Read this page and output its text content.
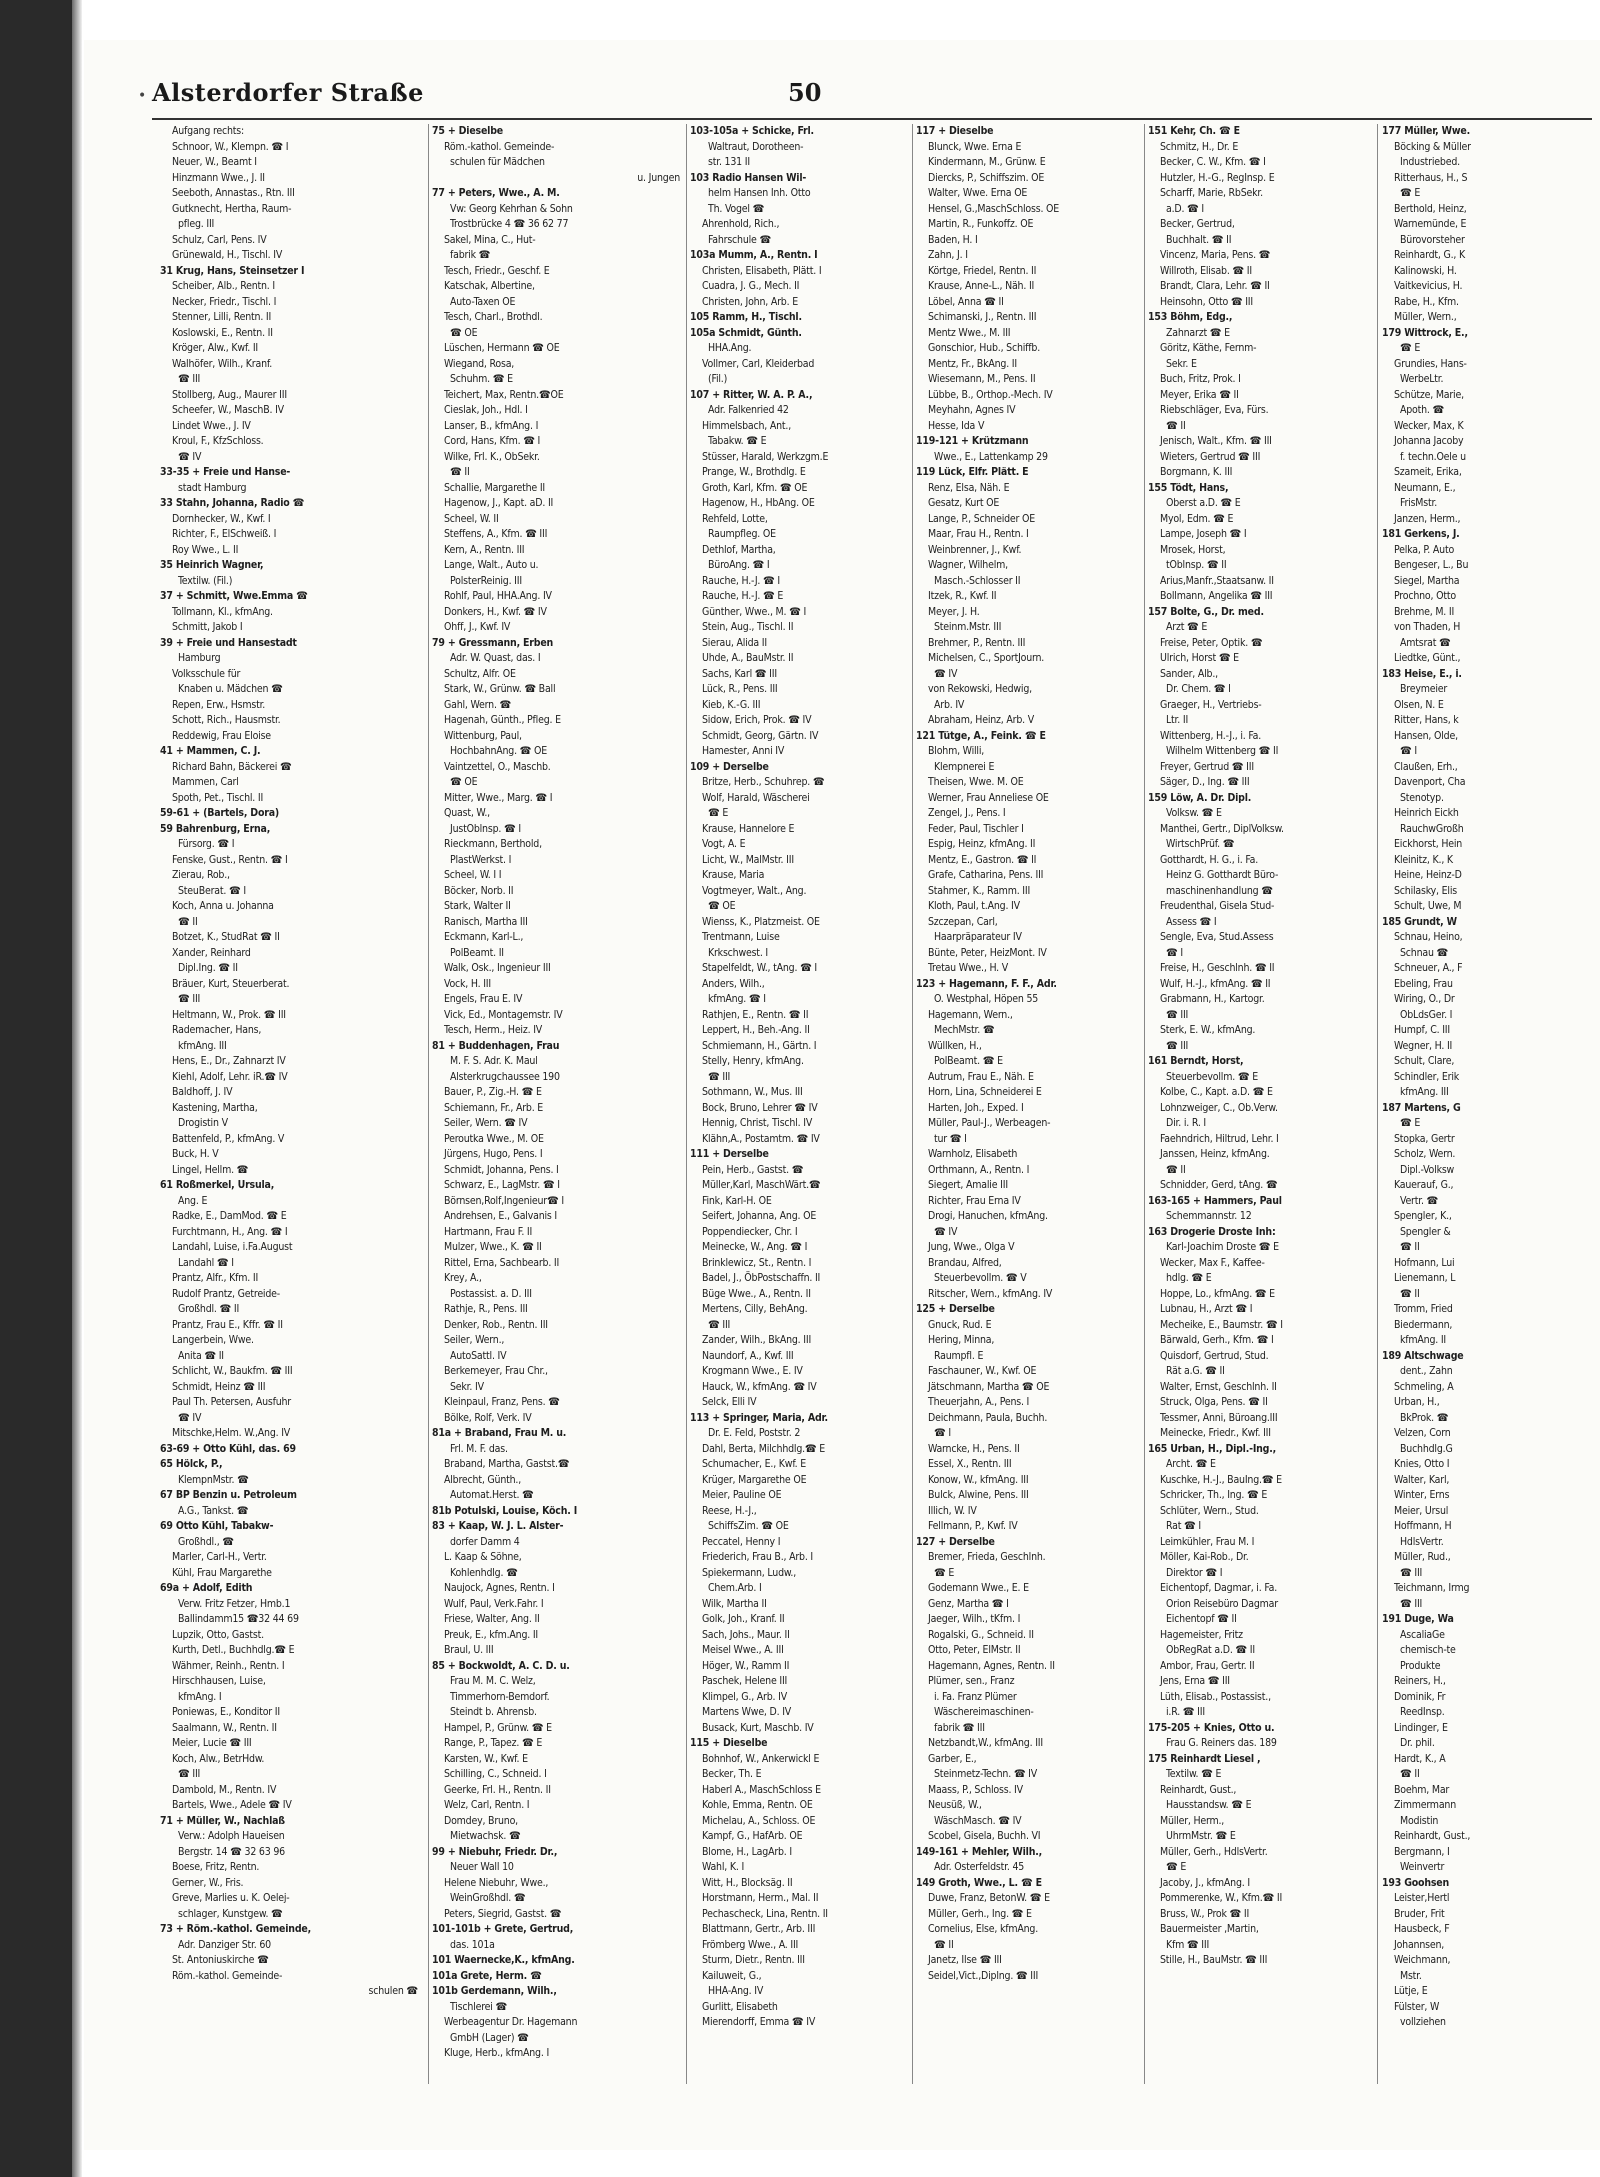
• Alsterdorfer Straße	50
Aufgang rechts:
Schnoor, W., Klempn. ☎ I
Neuer, W., Beamt I
Hinzmann Wwe., J. II
Seeboth, Annastas., Rtn. III
Gutknecht, Hertha, Raum-
pfleg. III
Schulz, Carl, Pens. IV
Grünewald, H., Tischl. IV
31 Krug, Hans, Steinsetzer I
Scheiber, Alb., Rentn. I
Necker, Friedr., Tischl. I
Stenner, Lilli, Rentn. II
Koslowski, E., Rentn. II
Kröger, Alw., Kwf. II
Walhöfer, Wilh., Kranf.
☎ III
Stollberg, Aug., Maurer III
Scheefer, W., MaschB. IV
Lindet Wwe., J. IV
Kroul, F., KfzSchloss.
☎ IV
33-35 + Freie und Hanse-
stadt Hamburg
33 Stahn, Johanna, Radio ☎
Dornhecker, W., Kwf. I
Richter, F., ElSchweiß. I
Roy Wwe., L. II
35 Heinrich Wagner,
Textilw. (Fil.)
37 + Schmitt, Wwe.Emma ☎
Tollmann, Kl., kfmAng.
Schmitt, Jakob I
39 + Freie und Hansestadt
Hamburg
Volksschule für
Knaben u. Mädchen ☎
Repen, Erw., Hsmstr.
Schott, Rich., Hausmstr.
Reddewig, Frau Eloise
41 + Mammen, C. J.
Richard Bahn, Bäckerei ☎
Mammen, Carl
Spoth, Pet., Tischl. II
59-61 + (Bartels, Dora)
59 Bahrenburg, Erna,
Fürsorg. ☎ I
Fenske, Gust., Rentn. ☎ I
Zierau, Rob.,
SteuBerat. ☎ I
Koch, Anna u. Johanna
☎ II
Botzet, K., StudRat ☎ II
Xander, Reinhard
Dipl.Ing. ☎ II
Bräuer, Kurt, Steuerberat.
☎ III
Heltmann, W., Prok. ☎ III
Rademacher, Hans,
kfmAng. III
Hens, E., Dr., Zahnarzt IV
Kiehl, Adolf, Lehr. iR.☎ IV
Baldhoff, J. IV
Kastening, Martha,
Drogistin V
Battenfeld, P., kfmAng. V
Buck, H. V
Lingel, Hellm. ☎
61 Roßmerkel, Ursula,
Ang. E
Radke, E., DamMod. ☎ E
Furchtmann, H., Ang. ☎ I
Landahl, Luise, i.Fa.August
Landahl ☎ I
Prantz, Alfr., Kfm. II
Rudolf Prantz, Getreide-
Großhdl. ☎ II
Prantz, Frau E., Kffr. ☎ II
Langerbein, Wwe.
Anita ☎ II
Schlicht, W., Baukfm. ☎ III
Schmidt, Heinz ☎ III
Paul Th. Petersen, Ausfuhr
☎ IV
Mitschke,Helm. W.,Ang. IV
63-69 + Otto Kühl, das. 69
65 Hölck, P.,
KlempnMstr. ☎
67 BP Benzin u. Petroleum
A.G., Tankst. ☎
69 Otto Kühl, Tabakw-
Großhdl., ☎
Marler, Carl-H., Vertr.
Kühl, Frau Margarethe
69a + Adolf, Edith
Verw. Fritz Fetzer, Hmb.1
Ballindamm15 ☎32 44 69
Lupzik, Otto, Gastst.
Kurth, Detl., Buchhdlg.☎ E
Wähmer, Reinh., Rentn. I
Hirschhausen, Luise,
kfmAng. I
Poniewas, E., Konditor II
Saalmann, W., Rentn. II
Meier, Lucie ☎ III
Koch, Alw., BetrHdw.
☎ III
Dambold, M., Rentn. IV
Bartels, Wwe., Adele ☎ IV
71 + Müller, W., Nachlaß
Verw.: Adolph Haueisen
Bergstr. 14 ☎ 32 63 96
Boese, Fritz, Rentn.
Gerner, W., Fris.
Greve, Marlies u. K. Oelej-
schlager, Kunstgew. ☎
73 + Röm.-kathol. Gemeinde,
Adr. Danziger Str. 60
St. Antoniuskirche ☎
Röm.-kathol. Gemeinde-
schulen ☎
75 + Dieselbe
Röm.-kathol. Gemeinde-
schulen für Mädchen
u. Jungen
77 + Peters, Wwe., A. M.
Vw: Georg Kehrhan & Sohn
Trostbrücke 4 ☎ 36 62 77
Sakel, Mina, C., Hut-
fabrik ☎
Tesch, Friedr., Geschf. E
Katschak, Albertine,
Auto-Taxen OE
Tesch, Charl., Brothdl.
☎ OE
Lüschen, Hermann ☎ OE
Wiegand, Rosa,
Schuhm. ☎ E
Teichert, Max, Rentn.☎OE
Cieslak, Joh., Hdl. I
Lanser, B., kfmAng. I
Cord, Hans, Kfm. ☎ I
Wilke, Frl. K., ObSekr.
☎ II
Schallie, Margarethe II
Hagenow, J., Kapt. aD. II
Scheel, W. II
Steffens, A., Kfm. ☎ III
Kern, A., Rentn. III
Lange, Walt., Auto u.
PolsterReinig. III
Rohlf, Paul, HHA.Ang. IV
Donkers, H., Kwf. ☎ IV
Ohff, J., Kwf. IV
79 + Gressmann, Erben
Adr. W. Quast, das. I
Schultz, Alfr. OE
Stark, W., Grünw. ☎ Ball
Gahl, Wern. ☎
Hagenah, Günth., Pfleg. E
Wittenburg, Paul,
HochbahnAng. ☎ OE
Vaintzettel, O., Maschb.
☎ OE
Mitter, Wwe., Marg. ☎ I
Quast, W.,
JustOblnsp. ☎ I
Rieckmann, Berthold,
PlastWerkst. I
Scheel, W. I I
Böcker, Norb. II
Stark, Walter II
Ranisch, Martha III
Eckmann, Karl-L.,
PolBeamt. II
Walk, Osk., Ingenieur III
Vock, H. III
Engels, Frau E. IV
Vick, Ed., Montagemstr. IV
Tesch, Herm., Heiz. IV
81 + Buddenhagen, Frau
M. F. S. Adr. K. Maul
Alsterkrugchaussee 190
Bauer, P., Zig.-H. ☎ E
Schiemann, Fr., Arb. E
Seiler, Wern. ☎ IV
Peroutka Wwe., M. OE
Jürgens, Hugo, Pens. I
Schmidt, Johanna, Pens. I
Schwarz, E., LagMstr. ☎ I
Börnsen,Rolf,Ingenieur☎ I
Andrehsen, E., Galvanis I
Hartmann, Frau F. II
Mulzer, Wwe., K. ☎ II
Rittel, Erna, Sachbearb. II
Krey, A.,
Postassist. a. D. III
Rathje, R., Pens. III
Denker, Rob., Rentn. III
Seiler, Wern.,
AutoSattl. IV
Berkemeyer, Frau Chr.,
Sekr. IV
Kleinpaul, Franz, Pens. ☎
Bölke, Rolf, Verk. IV
81a + Braband, Frau M. u.
Frl. M. F. das.
Braband, Martha, Gastst.☎
Albrecht, Günth.,
Automat.Herst. ☎
81b Potulski, Louise, Köch. I
83 + Kaap, W. J. L. Alster-
dorfer Damm 4
L. Kaap & Söhne,
Kohlenhdlg. ☎
Naujock, Agnes, Rentn. I
Wulf, Paul, Verk.Fahr. I
Friese, Walter, Ang. II
Preuk, E., kfm.Ang. II
Braul, U. III
85 + Bockwoldt, A. C. D. u.
Frau M. M. C. Welz,
Timmerhorn-Bemdorf.
Steindt b. Ahrensb.
Hampel, P., Grünw. ☎ E
Range, P., Tapez. ☎ E
Karsten, W., Kwf. E
Schilling, C., Schneid. I
Geerke, Frl. H., Rentn. II
Welz, Carl, Rentn. I
Domdey, Bruno,
Mietwachsk. ☎
99 + Niebuhr, Friedr. Dr.,
Neuer Wall 10
Helene Niebuhr, Wwe.,
WeinGroßhdl. ☎
Peters, Siegrid, Gastst. ☎
101-101b + Grete, Gertrud,
das. 101a
101 Waernecke,K., kfmAng.
101a Grete, Herm. ☎
101b Gerdemann, Wilh.,
Tischlerei ☎
Werbeagentur Dr. Hagemann
GmbH (Lager) ☎
Kluge, Herb., kfmAng. I
103-105a + Schicke, Frl.
Waltraut, Dorotheen-
str. 131 II
103 Radio Hansen Wil-
helm Hansen Inh. Otto
Th. Vogel ☎
Ahrenhold, Rich.,
Fahrschule ☎
103a Mumm, A., Rentn. I
Christen, Elisabeth, Plätt. I
Cuadra, J. G., Mech. II
Christen, John, Arb. E
105 Ramm, H., Tischl.
105a Schmidt, Günth.
HHA.Ang.
Vollmer, Carl, Kleiderbad
(Fil.)
107 + Ritter, W. A. P. A.,
Adr. Falkenried 42
Himmelsbach, Ant.,
Tabakw. ☎ E
Stüsser, Harald, Werkzgm.E
Prange, W., Brothdlg. E
Groth, Karl, Kfm. ☎ OE
Hagenow, H., HbAng. OE
Rehfeld, Lotte,
Raumpfleg. OE
Dethlof, Martha,
BüroAng. ☎ I
Rauche, H.-J. ☎ I
Rauche, H.-J. ☎ E
Günther, Wwe., M. ☎ I
Stein, Aug., Tischl. II
Sierau, Alida II
Uhde, A., BauMstr. II
Sachs, Karl ☎ III
Lück, R., Pens. III
Kieb, K.-G. III
Sidow, Erich, Prok. ☎ IV
Schmidt, Georg, Gärtn. IV
Hamester, Anni IV
109 + Derselbe
Britze, Herb., Schuhrep. ☎
Wolf, Harald, Wäscherei
☎ E
Krause, Hannelore E
Vogt, A. E
Licht, W., MalMstr. III
Krause, Maria
Vogtmeyer, Walt., Ang.
☎ OE
Wienss, K., Platzmeist. OE
Trentmann, Luise
Krkschwest. I
Stapelfeldt, W., tAng. ☎ I
Anders, Wilh.,
kfmAng. ☎ I
Rathjen, E., Rentn. ☎ II
Leppert, H., Beh.-Ang. II
Schmiemann, H., Gärtn. I
Stelly, Henry, kfmAng.
☎ III
Sothmann, W., Mus. III
Bock, Bruno, Lehrer ☎ IV
Hennig, Christ, Tischl. IV
Klähn,A., Postamtm. ☎ IV
111 + Derselbe
Pein, Herb., Gastst. ☎
Müller,Karl, MaschWärt.☎
Fink, Karl-H. OE
Seifert, Johanna, Ang. OE
Poppendiecker, Chr. I
Meinecke, W., Ang. ☎ I
Brinklewicz, St., Rentn. I
Badel, J., ÖbPostschaffn. II
Büge Wwe., A., Rentn. II
Mertens, Cilly, BehAng.
☎ III
Zander, Wilh., BkAng. III
Naundorf, A., Kwf. III
Krogmann Wwe., E. IV
Hauck, W., kfmAng. ☎ IV
Selck, Elli IV
113 + Springer, Maria, Adr.
Dr. E. Feld, Poststr. 2
Dahl, Berta, Milchhdlg.☎ E
Schumacher, E., Kwf. E
Krüger, Margarethe OE
Meier, Pauline OE
Reese, H.-J.,
SchiffsZim. ☎ OE
Peccatel, Henny I
Friederich, Frau B., Arb. I
Spiekermann, Ludw.,
Chem.Arb. I
Wilk, Martha II
Golk, Joh., Kranf. II
Sach, Johs., Maur. II
Meisel Wwe., A. III
Höger, W., Ramm II
Paschek, Helene III
Klimpel, G., Arb. IV
Martens Wwe, D. IV
Busack, Kurt, Maschb. IV
115 + Dieselbe
Bohnhof, W., Ankerwickl E
Becker, Th. E
Haberl A., MaschSchloss E
Kohle, Emma, Rentn. OE
Michelau, A., Schloss. OE
Kampf, G., HafArb. OE
Blome, H., LagArb. I
Wahl, K. I
Witt, H., Blocksäg. II
Horstmann, Herm., Mal. II
Pechascheck, Lina, Rentn. II
Blattmann, Gertr., Arb. III
Frömberg Wwe., A. III
Sturm, Dietr., Rentn. III
Kailuweit, G.,
HHA-Ang. IV
Gurlitt, Elisabeth
Mierendorff, Emma ☎ IV
117 + Dieselbe
Blunck, Wwe. Erna E
Kindermann, M., Grünw. E
Diercks, P., Schiffszim. OE
Walter, Wwe. Erna OE
Hensel, G.,MaschSchloss. OE
Martin, R., Funkoffz. OE
Baden, H. I
Zahn, J. I
Körtge, Friedel, Rentn. II
Krause, Anne-L., Näh. II
Löbel, Anna ☎ II
Schimanski, J., Rentn. III
Mentz Wwe., M. III
Gonschior, Hub., Schiffb.
Mentz, Fr., BkAng. II
Wiesemann, M., Pens. II
Lübbe, B., Orthop.-Mech. IV
Meyhahn, Agnes IV
Hesse, Ida V
119-121 + Krützmann
Wwe., E., Lattenkamp 29
119 Lück, Elfr. Plätt. E
Renz, Elsa, Näh. E
Gesatz, Kurt OE
Lange, P., Schneider OE
Maar, Frau H., Rentn. I
Weinbrenner, J., Kwf.
Wagner, Wilhelm,
Masch.-Schlosser II
Itzek, R., Kwf. II
Meyer, J. H.
Steinm.Mstr. III
Brehmer, P., Rentn. III
Michelsen, C., SportJourn.
☎ IV
von Rekowski, Hedwig,
Arb. IV
Abraham, Heinz, Arb. V
121 Tütge, A., Feink. ☎ E
Blohm, Willi,
Klempnerei E
Theisen, Wwe. M. OE
Werner, Frau Anneliese OE
Zengel, J., Pens. I
Feder, Paul, Tischler I
Espig, Heinz, kfmAng. II
Mentz, E., Gastron. ☎ II
Grafe, Catharina, Pens. III
Stahmer, K., Ramm. III
Kloth, Paul, t.Ang. IV
Szczepan, Carl,
Haarpräparateur IV
Bünte, Peter, HeizMont. IV
Tretau Wwe., H. V
123 + Hagemann, F. F., Adr.
O. Westphal, Höpen 55
Hagemann, Wern.,
MechMstr. ☎
Wüllken, H.,
PolBeamt. ☎ E
Autrum, Frau E., Näh. E
Horn, Lina, Schneiderei E
Harten, Joh., Exped. I
Müller, Paul-J., Werbeagen-
tur ☎ I
Warnholz, Elisabeth
Orthmann, A., Rentn. I
Siegert, Amalie III
Richter, Frau Erna IV
Drogi, Hanuchen, kfmAng.
☎ IV
Jung, Wwe., Olga V
Brandau, Alfred,
Steuerbevollm. ☎ V
Ritscher, Wern., kfmAng. IV
125 + Derselbe
Gnuck, Rud. E
Hering, Minna,
Raumpfl. E
Faschauner, W., Kwf. OE
Jätschmann, Martha ☎ OE
Theuerjahn, A., Pens. I
Deichmann, Paula, Buchh.
☎ I
Warncke, H., Pens. II
Essel, X., Rentn. III
Konow, W., kfmAng. III
Bulck, Alwine, Pens. III
Illich, W. IV
Fellmann, P., Kwf. IV
127 + Derselbe
Bremer, Frieda, Geschlnh.
☎ E
Godemann Wwe., E. E
Genz, Martha ☎ I
Jaeger, Wilh., tKfm. I
Rogalski, G., Schneid. II
Otto, Peter, ElMstr. II
Hagemann, Agnes, Rentn. II
Plümer, sen., Franz
i. Fa. Franz Plümer
Wäschereimaschinen-
fabrik ☎ III
Netzbandt,W., kfmAng. III
Garber, E.,
Steinmetz-Techn. ☎ IV
Maass, P., Schloss. IV
Neusüß, W.,
WäschMasch. ☎ IV
Scobel, Gisela, Buchh. VI
149-161 + Mehler, Wilh.,
Adr. Osterfeldstr. 45
149 Groth, Wwe., L. ☎ E
Duwe, Franz, BetonW. ☎ E
Müller, Gerh., Ing. ☎ E
Cornelius, Else, kfmAng.
☎ II
Janetz, Ilse ☎ III
Seidel,Vict.,Diplng. ☎ III
151 Kehr, Ch. ☎ E
Schmitz, H., Dr. E
Becker, C. W., Kfm. ☎ I
Hutzler, H.-G., RegInsp. E
Scharff, Marie, RbSekr.
a.D. ☎ I
Becker, Gertrud,
Buchhalt. ☎ II
Vincenz, Maria, Pens. ☎
Willroth, Elisab. ☎ II
Brandt, Clara, Lehr. ☎ II
Heinsohn, Otto ☎ III
153 Böhm, Edg.,
Zahnarzt ☎ E
Göritz, Käthe, Fernm-
Sekr. E
Buch, Fritz, Prok. I
Meyer, Erika ☎ II
Riebschläger, Eva, Fürs.
☎ II
Jenisch, Walt., Kfm. ☎ III
Wieters, Gertrud ☎ III
Borgmann, K. III
155 Tödt, Hans,
Oberst a.D. ☎ E
Myol, Edm. ☎ E
Lampe, Joseph ☎ I
Mrosek, Horst,
tOblnsp. ☎ II
Arius,Manfr.,Staatsanw. II
Bollmann, Angelika ☎ III
157 Bolte, G., Dr. med.
Arzt ☎ E
Freise, Peter, Optik. ☎
Ulrich, Horst ☎ E
Sander, Alb.,
Dr. Chem. ☎ I
Graeger, H., Vertriebs-
Ltr. II
Wittenberg, H.-J., i. Fa.
Wilhelm Wittenberg ☎ II
Freyer, Gertrud ☎ III
Säger, D., Ing. ☎ III
159 Löw, A. Dr. Dipl.
Volksw. ☎ E
Manthei, Gertr., DiplVolksw.
WirtschPrüf. ☎
Gotthardt, H. G., i. Fa.
Heinz G. Gotthardt Büro-
maschinenhandlung ☎
Freudenthal, Gisela Stud-
Assess ☎ I
Sengle, Eva, Stud.Assess
☎ I
Freise, H., Geschlnh. ☎ II
Wulf, H.-J., kfmAng. ☎ II
Grabmann, H., Kartogr.
☎ III
Sterk, E. W., kfmAng.
☎ III
161 Berndt, Horst,
Steuerbevollm. ☎ E
Kolbe, C., Kapt. a.D. ☎ E
Lohnzweiger, C., Ob.Verw.
Dir. i. R. I
Faehndrich, Hiltrud, Lehr. I
Janssen, Heinz, kfmAng.
☎ II
Schnidder, Gerd, tAng. ☎
163-165 + Hammers, Paul
Schemmannstr. 12
163 Drogerie Droste Inh:
Karl-Joachim Droste ☎ E
Wecker, Max F., Kaffee-
hdlg. ☎ E
Hoppe, Lo., kfmAng. ☎ E
Lubnau, H., Arzt ☎ I
Mecheike, E., Baumstr. ☎ I
Bärwald, Gerh., Kfm. ☎ I
Quisdorf, Gertrud, Stud.
Rät a.G. ☎ II
Walter, Ernst, Geschlnh. II
Struck, Olga, Pens. ☎ II
Tessmer, Anni, Büroang.III
Meinecke, Friedr., Kwf. III
165 Urban, H., Dipl.-Ing.,
Archt. ☎ E
Kuschke, H.-J., BauIng.☎ E
Schricker, Th., Ing. ☎ E
Schlüter, Wern., Stud.
Rat ☎ I
Leimkühler, Frau M. I
Möller, Kai-Rob., Dr.
Direktor ☎ I
Eichentopf, Dagmar, i. Fa.
Orion Reisebüro Dagmar
Eichentopf ☎ II
Hagemeister, Fritz
ObRegRat a.D. ☎ II
Ambor, Frau, Gertr. II
Jens, Erna ☎ III
Lüth, Elisab., Postassist.,
i.R. ☎ III
175-205 + Knies, Otto u.
Frau G. Reiners das. 189
175 Reinhardt Liesel ,
Textilw. ☎ E
Reinhardt, Gust.,
Hausstandsw. ☎ E
Müller, Herm.,
UhrmMstr. ☎ E
Müller, Gerh., HdlsVertr.
☎ E
Jacoby, J., kfmAng. I
Pommerenke, W., Kfm.☎ II
Bruss, W., Prok ☎ II
Bauermeister ,Martin,
Kfm ☎ III
Stille, H., BauMstr. ☎ III
177 Müller, Wwe.
Böcking & Müller
Industriebed.
Ritterhaus, H., S
☎ E
Berthold, Heinz,
Warnemünde, E
Bürovorsteher
Reinhardt, G., K
Kalinowski, H.
Vaitkevicius, H.
Rabe, H., Kfm.
Müller, Wern.,
179 Wittrock, E.,
☎ E
Grundies, Hans-
WerbeLtr.
Schütze, Marie,
Apoth. ☎
Wecker, Max, K
Johanna Jacoby
f. techn.Oele u
Szameit, Erika,
Neumann, E.,
FrisMstr.
Janzen, Herm.,
181 Gerkens, J.
Pelka, P. Auto
Bengeser, L., Bu
Siegel, Martha
Prochno, Otto
Brehme, M. II
von Thaden, H
Amtsrat ☎
Liedtke, Günt.,
183 Heise, E., i.
Breymeier
Olsen, N. E
Ritter, Hans, k
Hansen, Olde,
☎ I
Claußen, Erh.,
Davenport, Cha
Stenotyp.
Heinrich Eickh
RauchwGroßh
Eickhorst, Hein
Kleinitz, K., K
Heine, Heinz-D
Schilasky, Elis
Schult, Uwe, M
185 Grundt, W
Schnau, Heino,
Schnau ☎
Schneuer, A., F
Ebeling, Frau
Wiring, O., Dr
ObLdsGer. I
Humpf, C. III
Wegner, H. II
Schult, Clare,
Schindler, Erik
kfmAng. III
187 Martens, G
☎ E
Stopka, Gertr
Scholz, Wern.
Dipl.-Volksw
Kauerauf, G.,
Vertr. ☎
Spengler, K.,
Spengler &
☎ II
Hofmann, Lui
Lienemann, L
☎ II
Tromm, Fried
Biedermann,
kfmAng. II
189 Altschwage
dent., Zahn
Schmeling, A
Urban, H.,
BkProk. ☎
Velzen, Corn
Buchhdlg.G
Knies, Otto I
Walter, Karl,
Winter, Erns
Meier, Ursul
Hoffmann, H
HdlsVertr.
Müller, Rud.,
☎ III
Teichmann, Irmg
☎ III
191 Duge, Wa
AscaliaGe
chemisch-te
Produkte
Reiners, H.,
Dominik, Fr
ReedInsp.
Lindinger, E
Dr. phil.
Hardt, K., A
☎ II
Boehm, Mar
Zimmermann
Modistin
Reinhardt, Gust.,
Bergmann, I
Weinvertr
193 Goohsen
Leister,Hertl
Bruder, Frit
Hausbeck, F
Johannsen,
Weichmann,
Mstr.
Lütje, E
Fülster, W
vollziehen
